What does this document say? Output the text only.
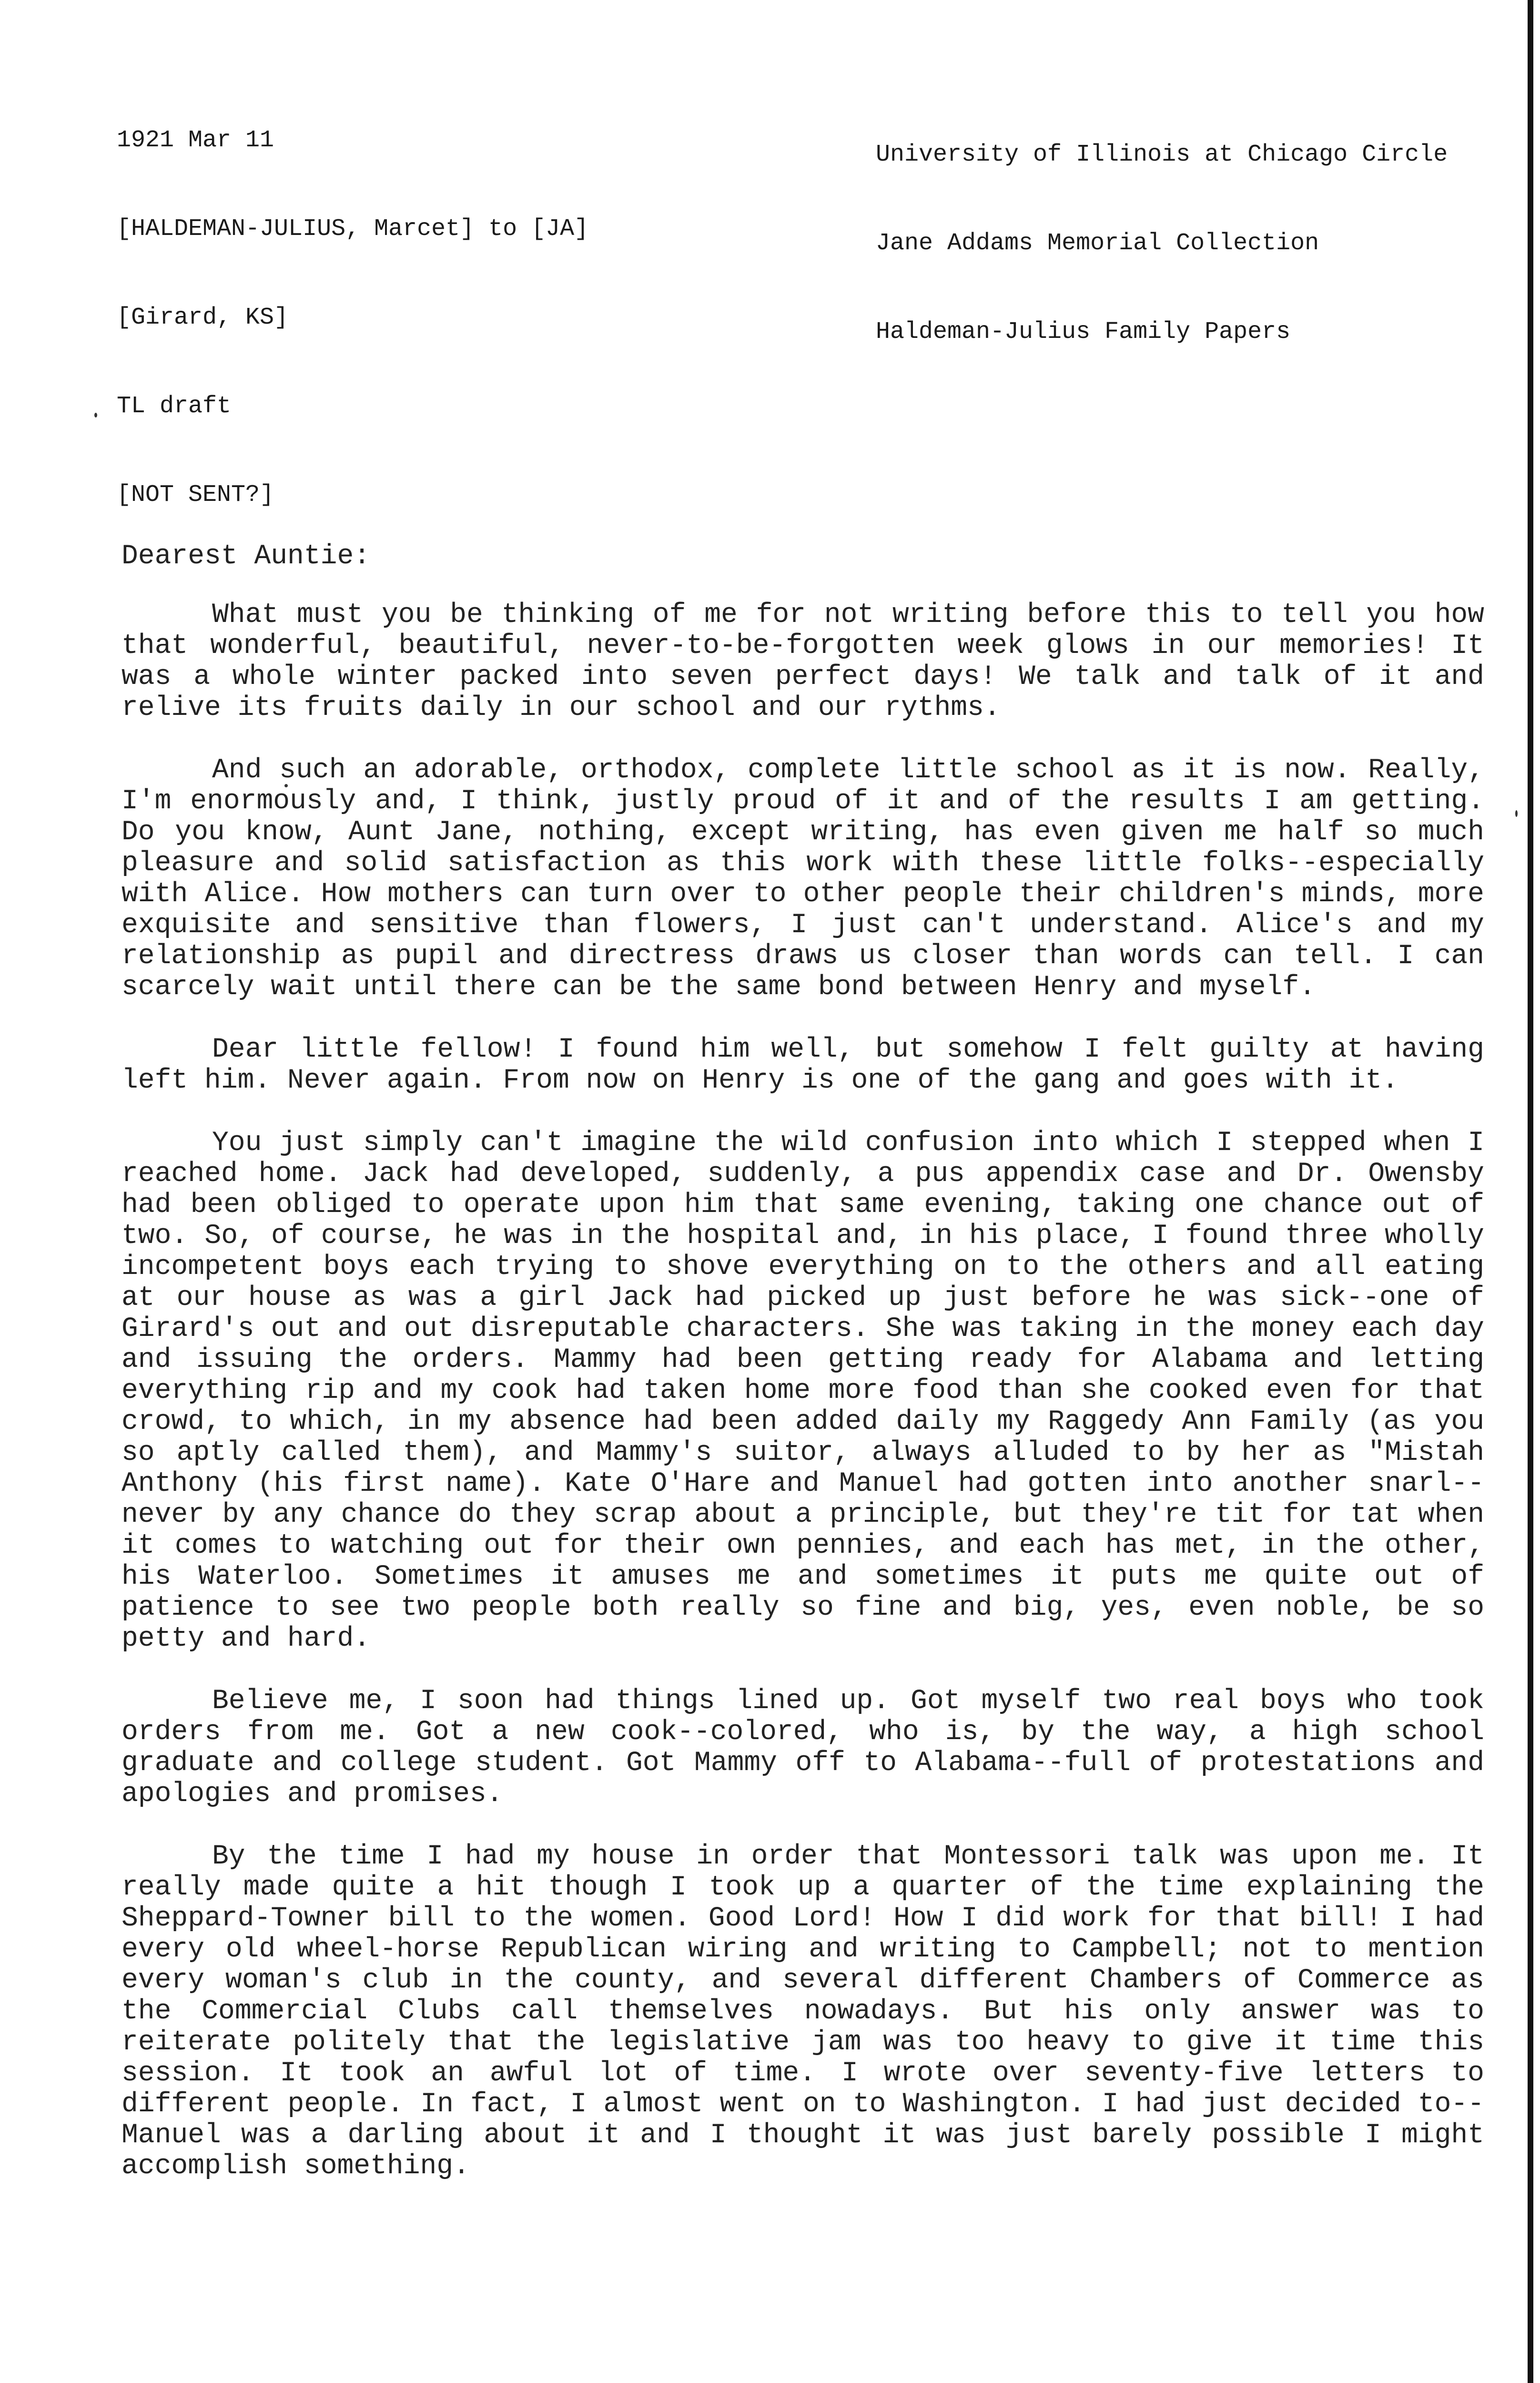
1921 Mar 11

[HALDEMAN-JULIUS, Marcet] to [JA]

[Girard, KS]

TL draft

[NOT SENT?]

University of Illinois at Chicago Circle

Jane Addams Memorial Collection

Haldeman-Julius Family Papers

Dearest Auntie:

What must you be thinking of me for not writing before this to tell you how that wonderful, beautiful, never-to-be-forgotten week glows in our memories! It was a whole winter packed into seven perfect days! We talk and talk of it and relive its fruits daily in our school and our rythms.

And such an adorable, orthodox, complete little school as it is now. Really, I'm enormously and, I think, justly proud of it and of the results I am getting. Do you know, Aunt Jane, nothing, except writing, has even given me half so much pleasure and solid satisfaction as this work with these little folks--especially with Alice. How mothers can turn over to other people their children's minds, more exquisite and sensitive than flowers, I just can't understand. Alice's and my relationship as pupil and directress draws us closer than words can tell. I can scarcely wait until there can be the same bond between Henry and myself.

Dear little fellow! I found him well, but somehow I felt guilty at having left him. Never again. From now on Henry is one of the gang and goes with it.

You just simply can't imagine the wild confusion into which I stepped when I reached home. Jack had developed, suddenly, a pus appendix case and Dr. Owensby had been obliged to operate upon him that same evening, taking one chance out of two. So, of course, he was in the hospital and, in his place, I found three wholly incompetent boys each trying to shove everything on to the others and all eating at our house as was a girl Jack had picked up just before he was sick--one of Girard's out and out disreputable characters. She was taking in the money each day and issuing the orders. Mammy had been getting ready for Alabama and letting everything rip and my cook had taken home more food than she cooked even for that crowd, to which, in my absence had been added daily my Raggedy Ann Family (as you so aptly called them), and Mammy's suitor, always alluded to by her as "Mistah Anthony (his first name). Kate O'Hare and Manuel had gotten into another snarl--never by any chance do they scrap about a principle, but they're tit for tat when it comes to watching out for their own pennies, and each has met, in the other, his Waterloo. Sometimes it amuses me and sometimes it puts me quite out of patience to see two people both really so fine and big, yes, even noble, be so petty and hard.

Believe me, I soon had things lined up. Got myself two real boys who took orders from me. Got a new cook--colored, who is, by the way, a high school graduate and college student. Got Mammy off to Alabama--full of protestations and apologies and promises.

By the time I had my house in order that Montessori talk was upon me. It really made quite a hit though I took up a quarter of the time explaining the Sheppard-Towner bill to the women. Good Lord! How I did work for that bill! I had every old wheel-horse Republican wiring and writing to Campbell; not to mention every woman's club in the county, and several different Chambers of Commerce as the Commercial Clubs call themselves nowadays. But his only answer was to reiterate politely that the legislative jam was too heavy to give it time this session. It took an awful lot of time. I wrote over seventy-five letters to different people. In fact, I almost went on to Washington. I had just decided to--Manuel was a darling about it and I thought it was just barely possible I might accomplish something.
